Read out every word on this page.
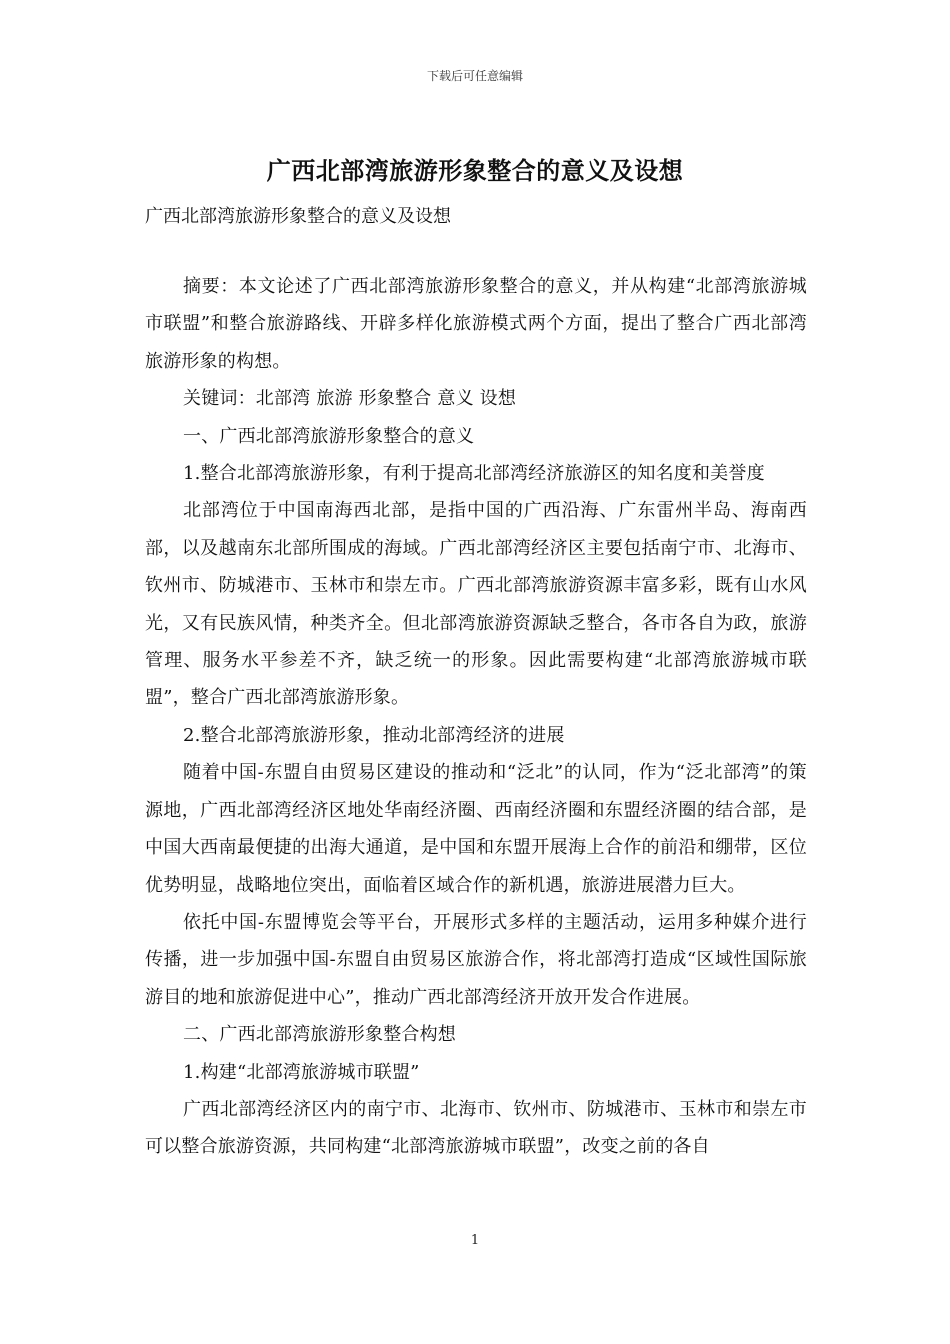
下载后可任意编辑
广西北部湾旅游形象整合的意义及设想
广西北部湾旅游形象整合的意义及设想

摘要：本文论述了广西北部湾旅游形象整合的意义，并从构建“北部湾旅游城市联盟”和整合旅游路线、开辟多样化旅游模式两个方面，提出了整合广西北部湾旅游形象的构想。

关键词：北部湾 旅游 形象整合 意义 设想

一、广西北部湾旅游形象整合的意义

1.整合北部湾旅游形象，有利于提高北部湾经济旅游区的知名度和美誉度

北部湾位于中国南海西北部，是指中国的广西沿海、广东雷州半岛、海南西部，以及越南东北部所围成的海域。广西北部湾经济区主要包括南宁市、北海市、钦州市、防城港市、玉林市和崇左市。广西北部湾旅游资源丰富多彩，既有山水风光，又有民族风情，种类齐全。但北部湾旅游资源缺乏整合，各市各自为政，旅游管理、服务水平参差不齐，缺乏统一的形象。因此需要构建“北部湾旅游城市联盟”，整合广西北部湾旅游形象。

2.整合北部湾旅游形象，推动北部湾经济的进展

随着中国-东盟自由贸易区建设的推动和“泛北”的认同，作为“泛北部湾”的策源地，广西北部湾经济区地处华南经济圈、西南经济圈和东盟经济圈的结合部，是中国大西南最便捷的出海大通道，是中国和东盟开展海上合作的前沿和绷带，区位优势明显，战略地位突出，面临着区域合作的新机遇，旅游进展潜力巨大。

依托中国-东盟博览会等平台，开展形式多样的主题活动，运用多种媒介进行传播，进一步加强中国-东盟自由贸易区旅游合作，将北部湾打造成“区域性国际旅游目的地和旅游促进中心”，推动广西北部湾经济开放开发合作进展。

二、广西北部湾旅游形象整合构想

1.构建“北部湾旅游城市联盟”

广西北部湾经济区内的南宁市、北海市、钦州市、防城港市、玉林市和崇左市可以整合旅游资源，共同构建“北部湾旅游城市联盟”，改变之前的各自

1
